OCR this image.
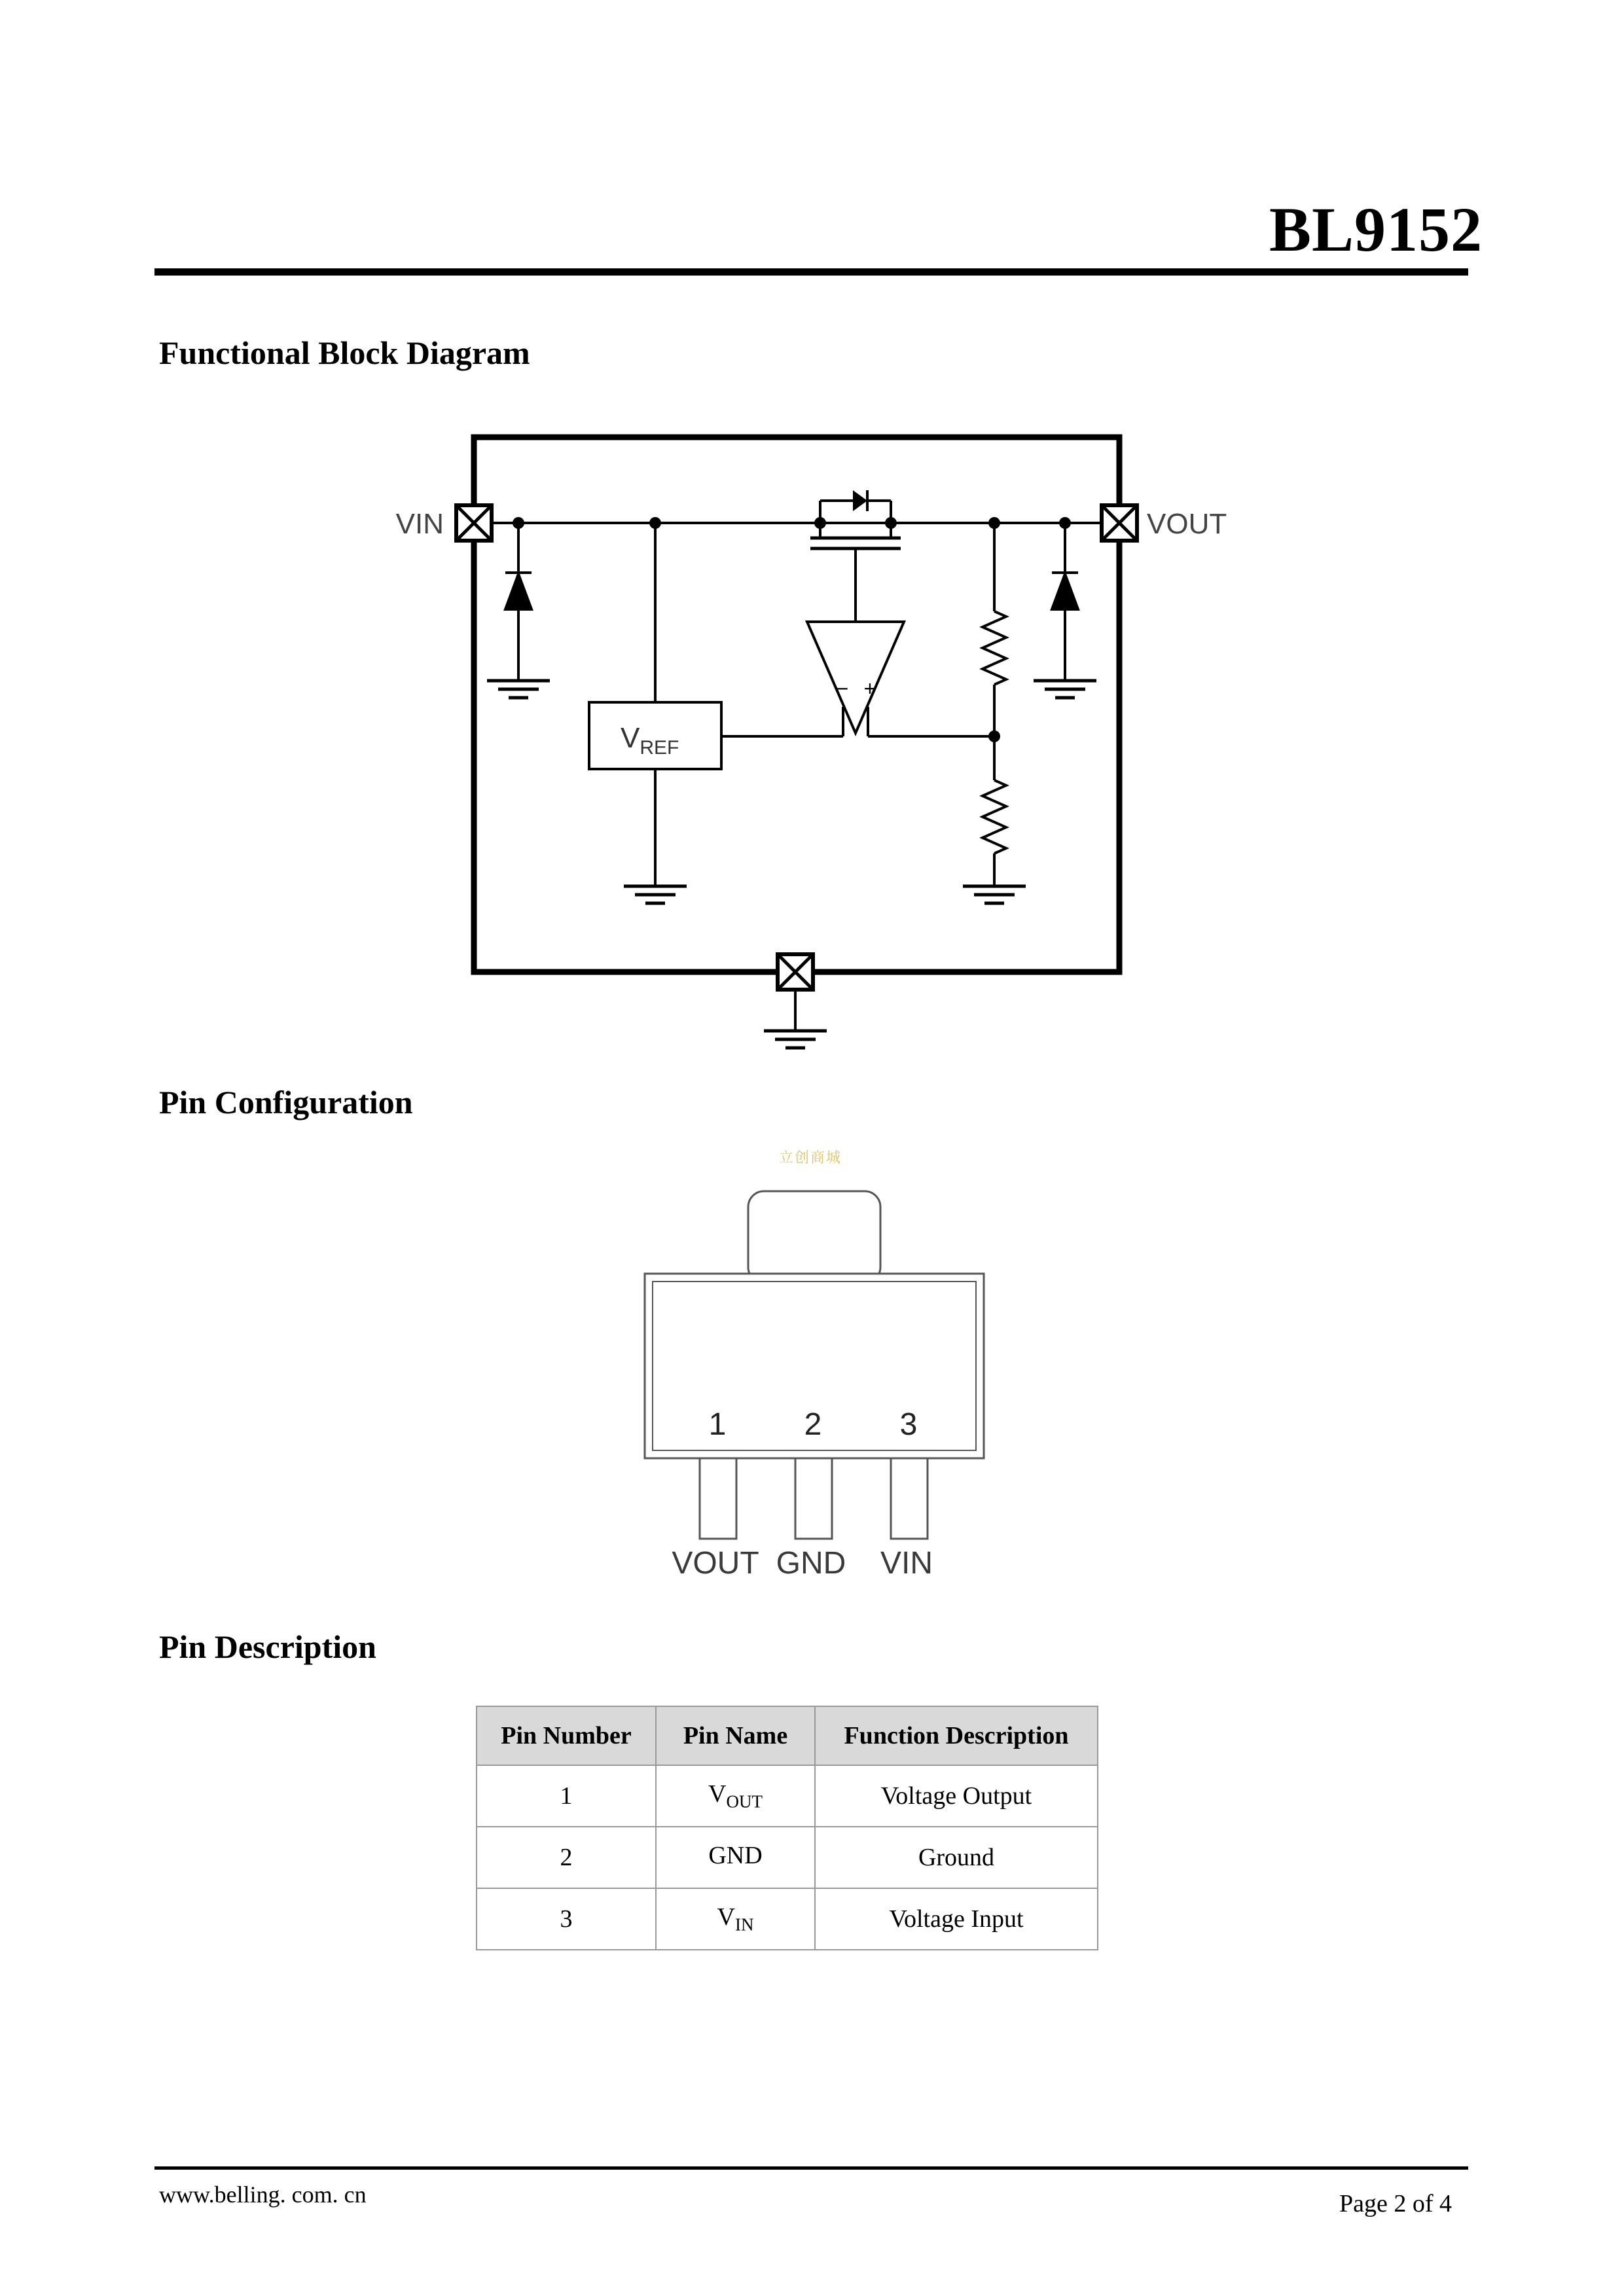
BL9152
Functional Block Diagram
$V_{REF}$
− +
VIN	VOUT
Pin Configuration
立创商城
1 2 3
VOUT GND VIN
Pin Description
Pin Number	Pin Name	Function Description
1	$V_{OUT}$	Voltage Output
2	GND	Ground
3	$V_{IN}$	Voltage Input
www.belling. com. cn	Page 2 of 4
